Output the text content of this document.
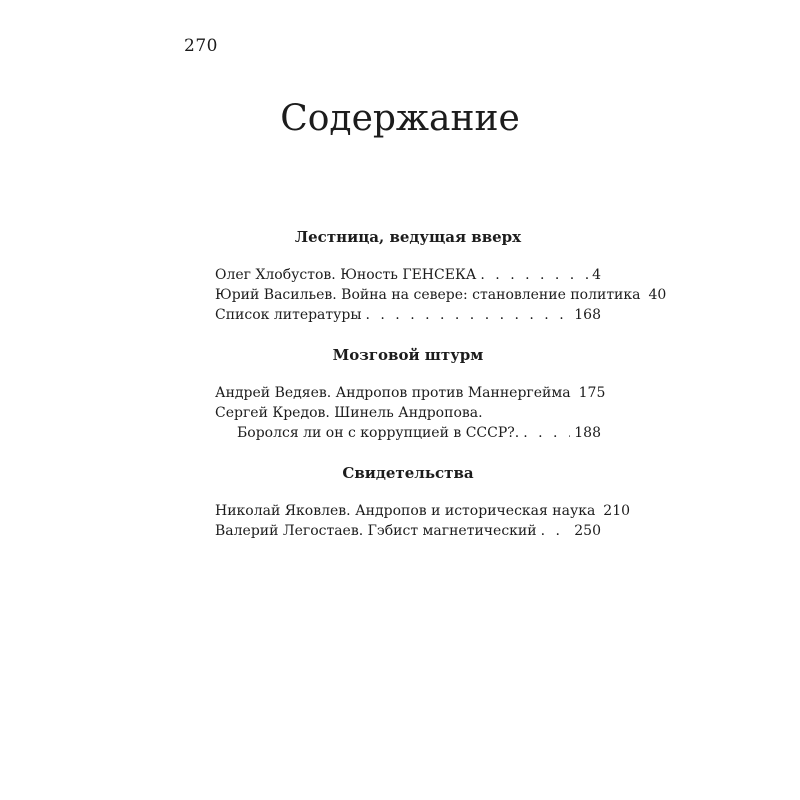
270
Содержание
Лестница, ведущая вверх
Олег Хлобустов. Юность ГЕНСЕКА . . .	4
Юрий Васильев. Война на севере: становление политика 40
Список литературы . . .	168
Мозговой штурм
Андрей Ведяев. Андропов против Маннергейма 175
Сергей Кредов. Шинель Андропова.
Боролся ли он с коррупцией в СССР?. . . .	188
Свидетельства
Николай Яковлев. Андропов и историческая наука 210
Валерий Легостаев. Гэбист магнетический . . .	250
